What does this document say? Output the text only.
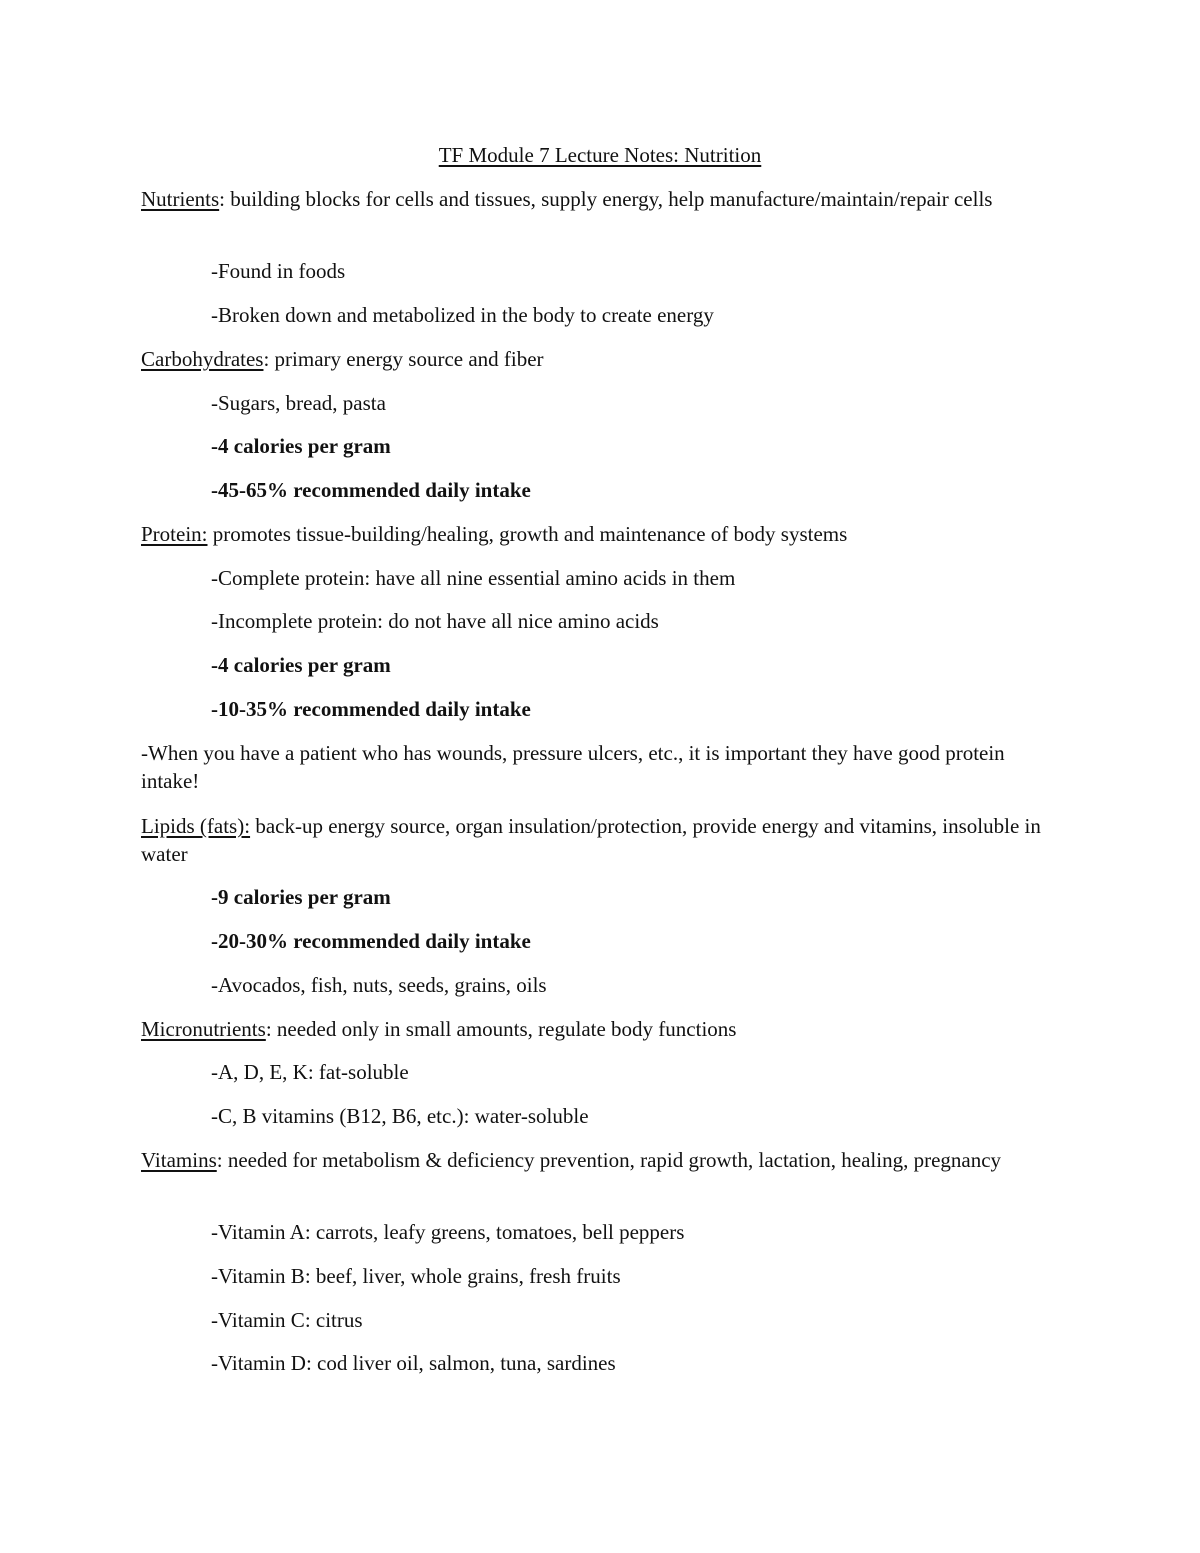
TF Module 7 Lecture Notes: Nutrition
Nutrients: building blocks for cells and tissues, supply energy, help manufacture/maintain/repair cells
-Found in foods
-Broken down and metabolized in the body to create energy
Carbohydrates: primary energy source and fiber
-Sugars, bread, pasta
-4 calories per gram
-45-65% recommended daily intake
Protein: promotes tissue-building/healing, growth and maintenance of body systems
-Complete protein: have all nine essential amino acids in them
-Incomplete protein: do not have all nice amino acids
-4 calories per gram
-10-35% recommended daily intake
-When you have a patient who has wounds, pressure ulcers, etc., it is important they have good protein intake!
Lipids (fats): back-up energy source, organ insulation/protection, provide energy and vitamins, insoluble in water
-9 calories per gram
-20-30% recommended daily intake
-Avocados, fish, nuts, seeds, grains, oils
Micronutrients: needed only in small amounts, regulate body functions
-A, D, E, K: fat-soluble
-C, B vitamins (B12, B6, etc.): water-soluble
Vitamins: needed for metabolism & deficiency prevention, rapid growth, lactation, healing, pregnancy
-Vitamin A: carrots, leafy greens, tomatoes, bell peppers
-Vitamin B: beef, liver, whole grains, fresh fruits
-Vitamin C: citrus
-Vitamin D: cod liver oil, salmon, tuna, sardines
